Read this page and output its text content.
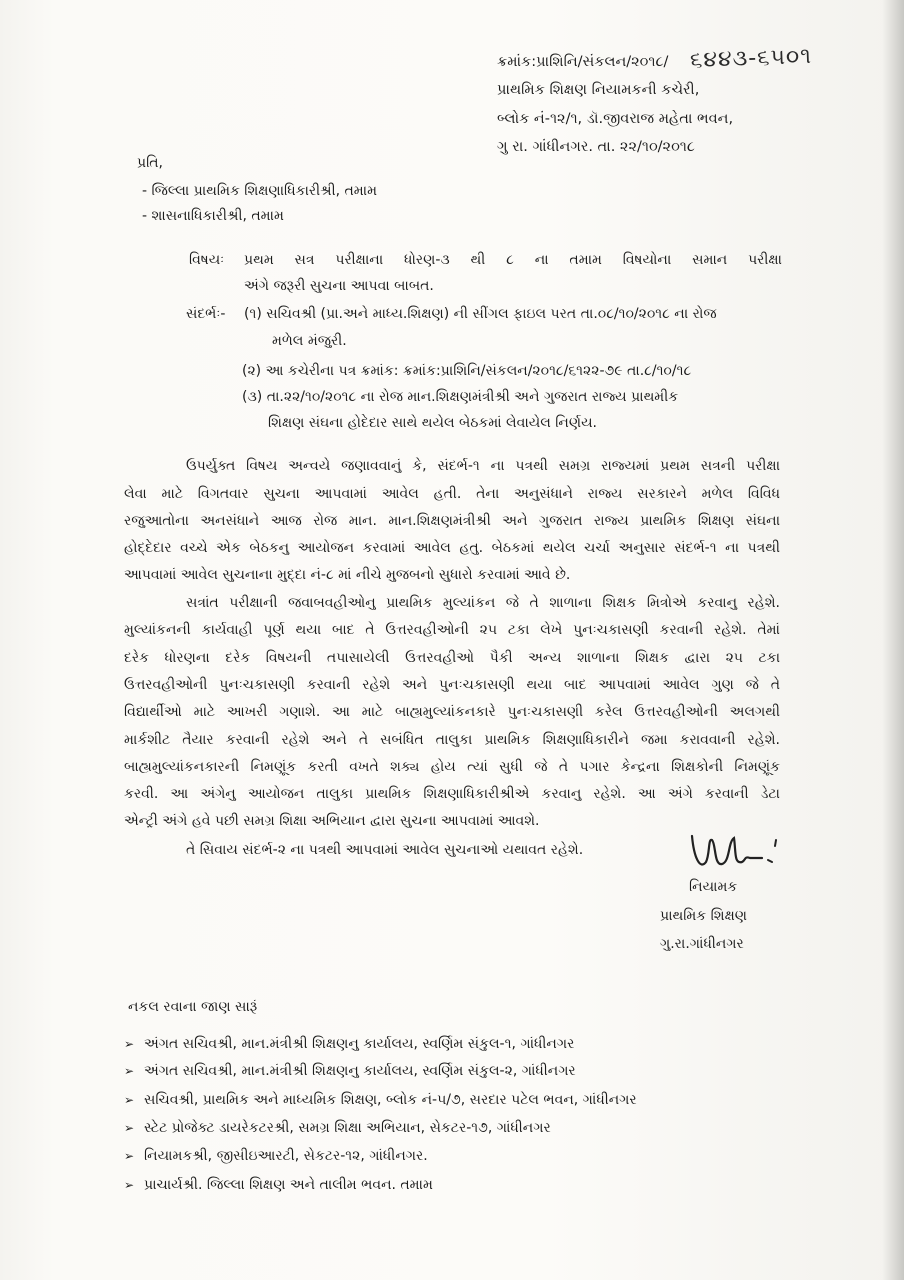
ક્રમાંક:પ્રાશિનિ/સંકલન/૨૦૧૮/ ૬૪૪૩-૬૫૦૧
પ્રાથમિક શિક્ષણ નિયામકની કચેરી,
બ્લોક નં-૧૨/૧, ડૉ.જીવરાજ મહેતા ભવન,
ગુ રા. ગાંધીનગર. તા. ૨૨/૧૦/૨૦૧૮
પ્રતિ,
- જિલ્લા પ્રાથમિક શિક્ષણાધિકારીશ્રી, તમામ
- શાસનાધિકારીશ્રી, તમામ
વિષયઃ પ્રથમ સત્ર પરીક્ષાના ધોરણ-૩ થી ૮ ના તમામ વિષયોના સમાન પરીક્ષા
અંગે જરૂરી સુચના આપવા બાબત.
સંદર્ભઃ- (૧) સચિવશ્રી (પ્રા.અને માધ્ય.શિક્ષણ) ની સીંગલ ફાઇલ પરત તા.૦૮/૧૦/૨૦૧૮ ના રોજ
મળેલ મંજુરી.
(૨) આ કચેરીના પત્ર ક્રમાંક: ક્રમાંક:પ્રાશિનિ/સંકલન/૨૦૧૮/૬૧૨૨-૭૯ તા.૮/૧૦/૧૮
(૩) તા.૨૨/૧૦/૨૦૧૮ ના રોજ માન.શિક્ષણમંત્રીશ્રી અને ગુજરાત રાજ્ય પ્રાથમીક
શિક્ષણ સંઘના હોદેદાર સાથે થયેલ બેઠકમાં લેવાયેલ નિર્ણય.
ઉપર્યુક્ત વિષય અન્વયે જણાવવાનું કે, સંદર્ભ-૧ ના પત્રથી સમગ્ર રાજ્યમાં પ્રથમ સત્રની પરીક્ષા
લેવા માટે વિગતવાર સુચના આપવામાં આવેલ હતી. તેના અનુસંધાને રાજ્ય સરકારને મળેલ વિવિધ
રજુઆતોના અનસંધાને આજ રોજ માન. માન.શિક્ષણમંત્રીશ્રી અને ગુજરાત રાજ્ય પ્રાથમિક શિક્ષણ સંઘના
હોદ્દેદાર વચ્ચે એક બેઠકનુ આયોજન કરવામાં આવેલ હતુ. બેઠકમાં થયેલ ચર્ચા અનુસાર સંદર્ભ-૧ ના પત્રથી
આપવામાં આવેલ સુચનાના મુદ્દા નં-૮ માં નીચે મુજબનો સુધારો કરવામાં આવે છે.
સત્રાંત પરીક્ષાની જવાબવહીઓનુ પ્રાથમિક મુલ્યાંકન જે તે શાળાના શિક્ષક મિત્રોએ કરવાનુ રહેશે.
મુલ્યાંકનની કાર્યવાહી પૂર્ણ થયા બાદ તે ઉત્તરવહીઓની ૨૫ ટકા લેખે પુનઃચકાસણી કરવાની રહેશે. તેમાં
દરેક ધોરણના દરેક વિષયની તપાસાયેલી ઉત્તરવહીઓ પૈકી અન્ય શાળાના શિક્ષક દ્વારા ૨૫ ટકા
ઉત્તરવહીઓની પુનઃચકાસણી કરવાની રહેશે અને પુનઃચકાસણી થયા બાદ આપવામાં આવેલ ગુણ જે તે
વિદ્યાર્થીઓ માટે આખરી ગણાશે. આ માટે બાહ્યમુલ્યાંકનકારે પુનઃચકાસણી કરેલ ઉત્તરવહીઓની અલગથી
માર્કશીટ તૈયાર કરવાની રહેશે અને તે સબંધિત તાલુકા પ્રાથમિક શિક્ષણાધિકારીને જમા કરાવવાની રહેશે.
બાહ્યમુલ્યાંકનકારની નિમણૂંક કરતી વખતે શક્ય હોય ત્યાં સુધી જે તે પગાર કેન્દ્રના શિક્ષકોની નિમણૂંક
કરવી. આ અંગેનુ આયોજન તાલુકા પ્રાથમિક શિક્ષણાધિકારીશ્રીએ કરવાનુ રહેશે. આ અંગે કરવાની ડેટા
એન્ટ્રી અંગે હવે પછી સમગ્ર શિક્ષા અભિયાન દ્વારા સુચના આપવામાં આવશે.
તે સિવાય સંદર્ભ-૨ ના પત્રથી આપવામાં આવેલ સુચનાઓ યથાવત રહેશે.
નિયામક
પ્રાથમિક શિક્ષણ
ગુ.રા.ગાંધીનગર
નકલ રવાના જાણ સારૂં
➢ અંગત સચિવશ્રી, માન.મંત્રીશ્રી શિક્ષણનુ કાર્યાલય, સ્વર્ણિમ સંકુલ-૧, ગાંધીનગર
➢ અંગત સચિવશ્રી, માન.મંત્રીશ્રી શિક્ષણનુ કાર્યાલય, સ્વર્ણિમ સંકુલ-૨, ગાંધીનગર
➢ સચિવશ્રી, પ્રાથમિક અને માધ્યમિક શિક્ષણ, બ્લોક નં-૫/૭, સરદાર પટેલ ભવન, ગાંધીનગર
➢ સ્ટેટ પ્રોજેક્ટ ડાયરેકટરશ્રી, સમગ્ર શિક્ષા અભિયાન, સેકટર-૧૭, ગાંધીનગર
➢ નિયામકશ્રી, જીસીઇઆરટી, સેકટર-૧૨, ગાંધીનગર.
➢ પ્રાચાર્યશ્રી. જિલ્લા શિક્ષણ અને તાલીમ ભવન. તમામ
